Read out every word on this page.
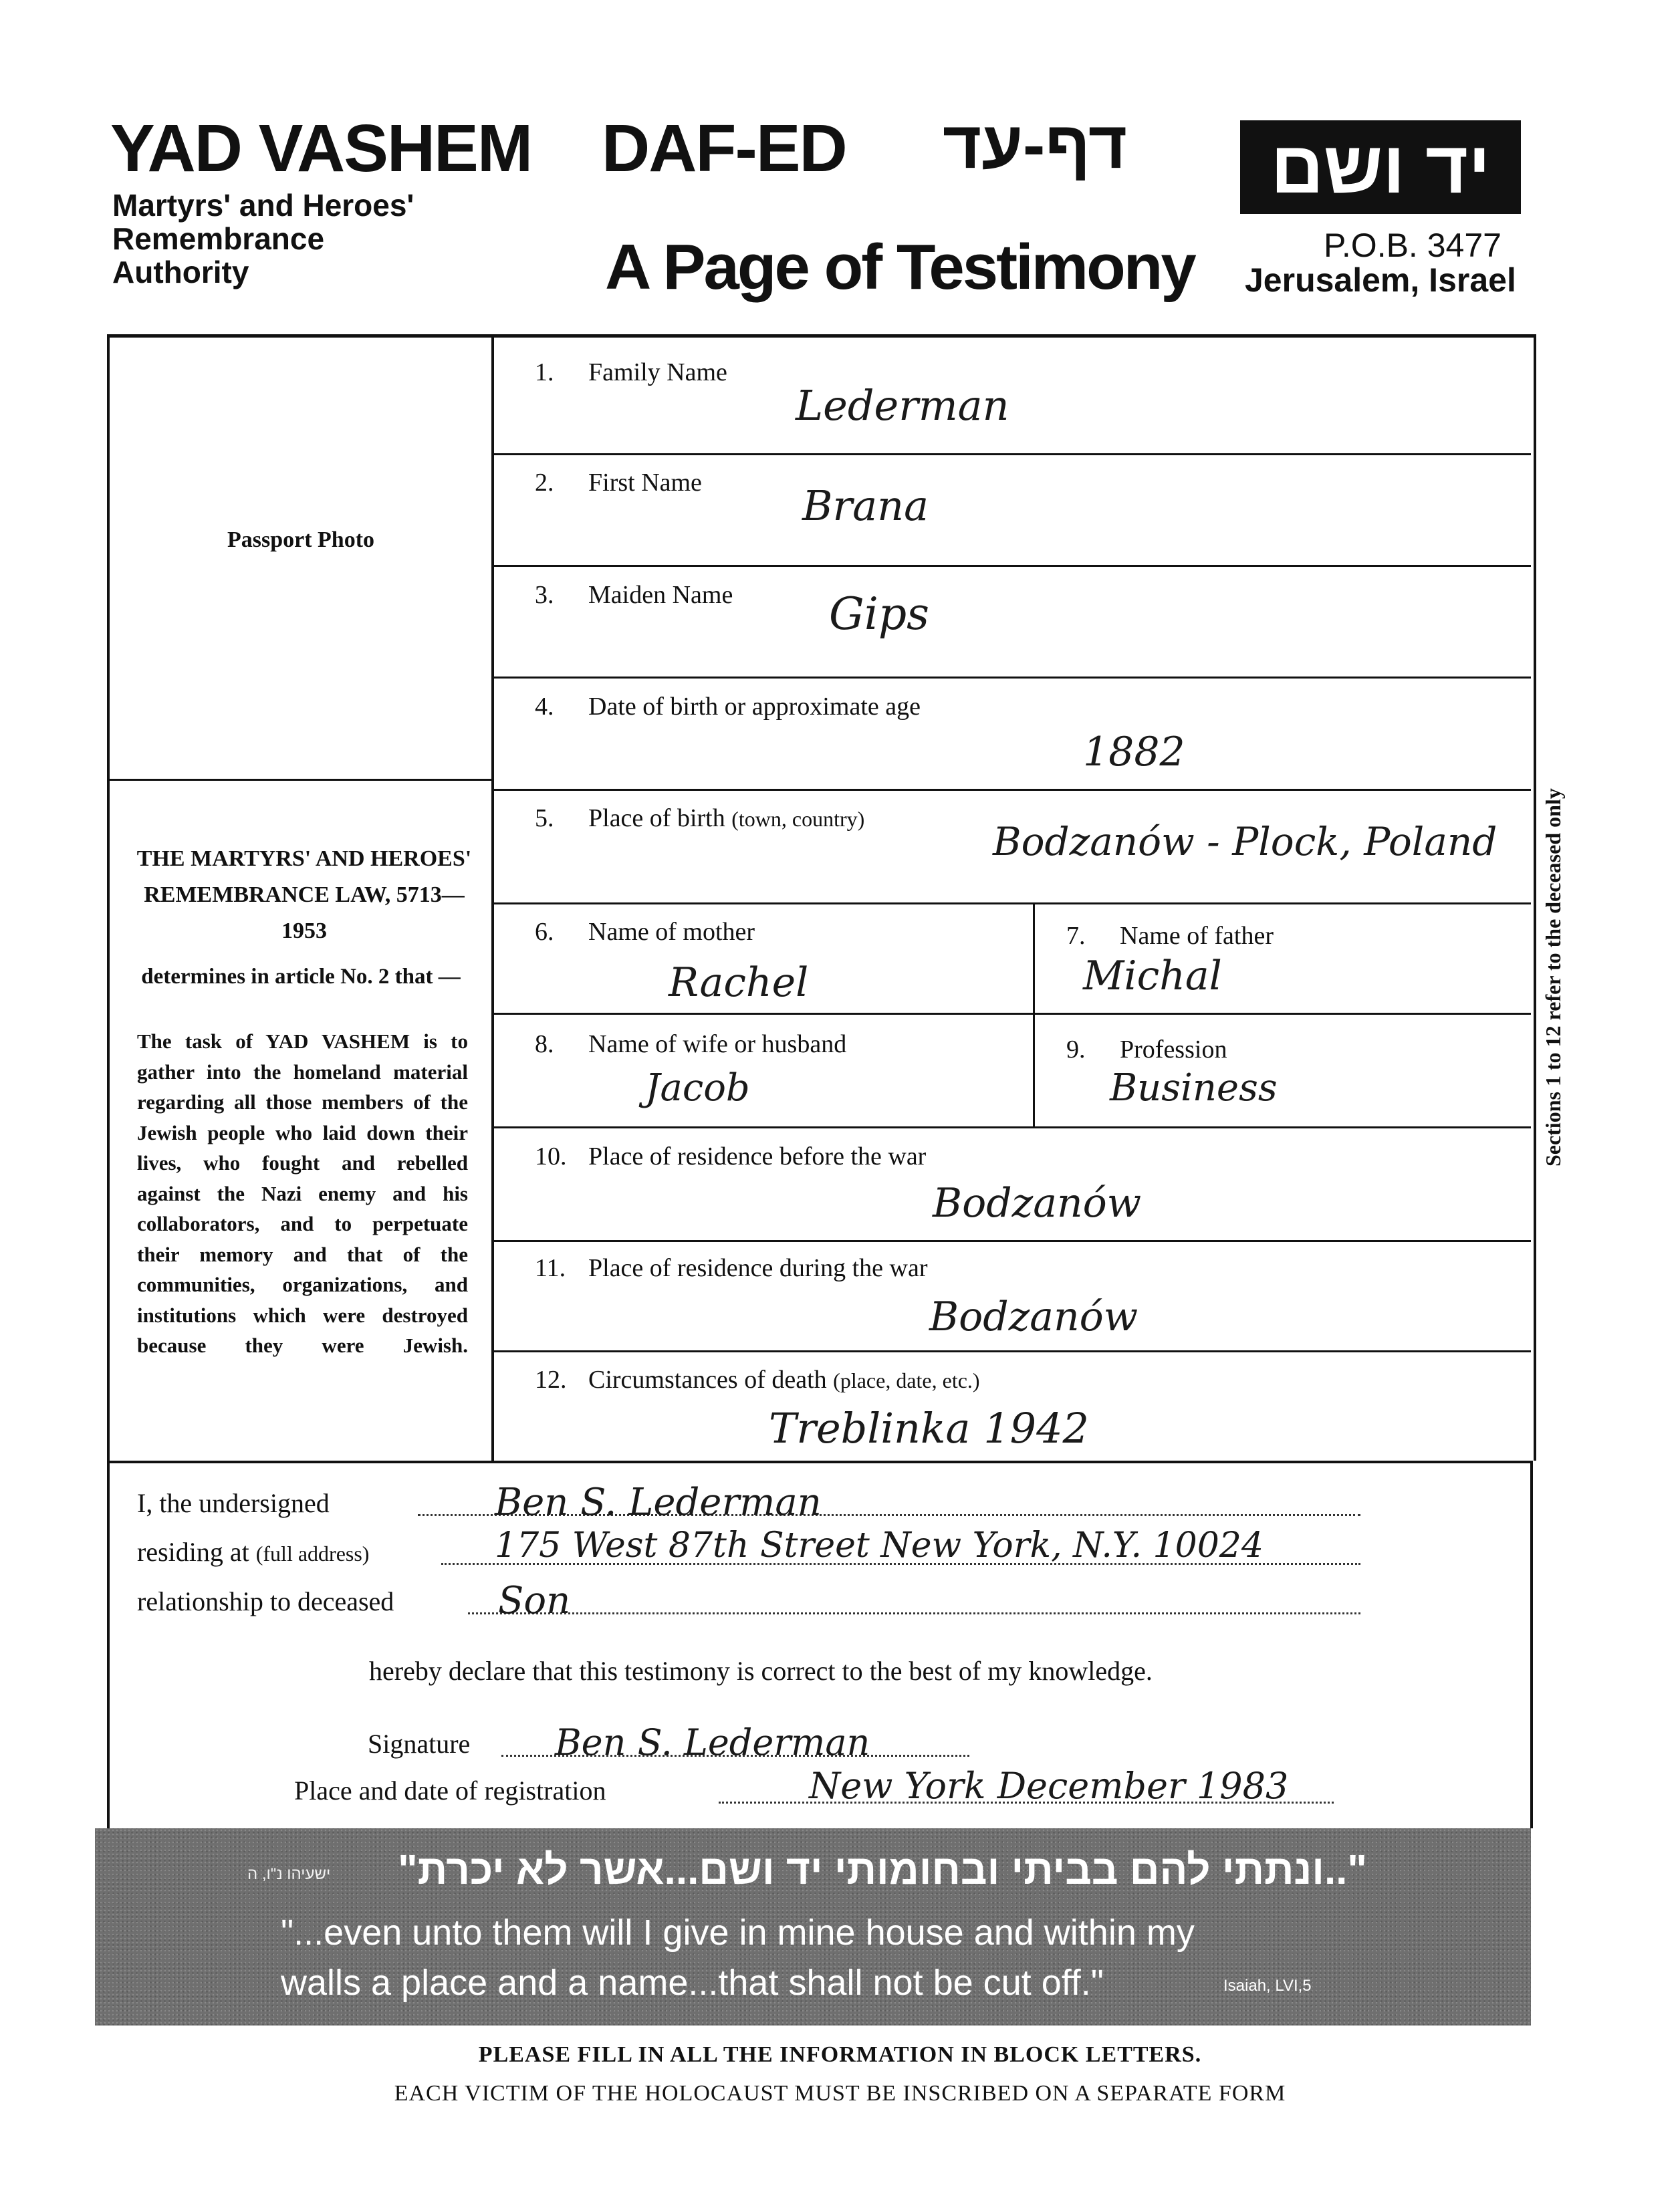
YAD VASHEM
Martyrs' and Heroes' Remembrance Authority
DAF-ED דף-עד
A Page of Testimony
יד ושם
P.O.B. 3477
Jerusalem, Israel
Passport Photo
THE MARTYRS' AND HEROES' REMEMBRANCE LAW, 5713—1953
determines in article No. 2 that —
The task of YAD VASHEM is to gather into the homeland material regarding all those members of the Jewish people who laid down their lives, who fought and rebelled against the Nazi enemy and his collaborators, and to perpetuate their memory and that of the communities, organizations, and institutions which were destroyed because they were Jewish.
Sections 1 to 12 refer to the deceased only
1. Family Name
Lederman
2. First Name Brana
3. Maiden Name Gips
4. Date of birth or approximate age
1882
5. Place of birth (town, country)	Bodzanów - Plock, Poland
6. Name of mother
Rachel
7. Name of father
Michal
8. Name of wife or husband
Jacob
9. Profession
Business
10. Place of residence before the war
Bodzanów
11. Place of residence during the war
Bodzanów
12. Circumstances of death (place, date, etc.)
Treblinka 1942
I, the undersigned	Ben S. Lederman
residing at (full address)	175 West 87th Street New York, N.Y. 10024
relationship to deceased	Son
hereby declare that this testimony is correct to the best of my knowledge.
Signature Ben S. Lederman
Place and date of registration	New York December 1983
"..ונתתי להם בביתי ובחומותי יד ושם...אשר לא יכרת"
ישעיהו נ"ו, ה
"...even unto them will I give in mine house and within my
walls a place and a name...that shall not be cut off."	Isaiah, LVI,5
PLEASE FILL IN ALL THE INFORMATION IN BLOCK LETTERS.
EACH VICTIM OF THE HOLOCAUST MUST BE INSCRIBED ON A SEPARATE FORM
